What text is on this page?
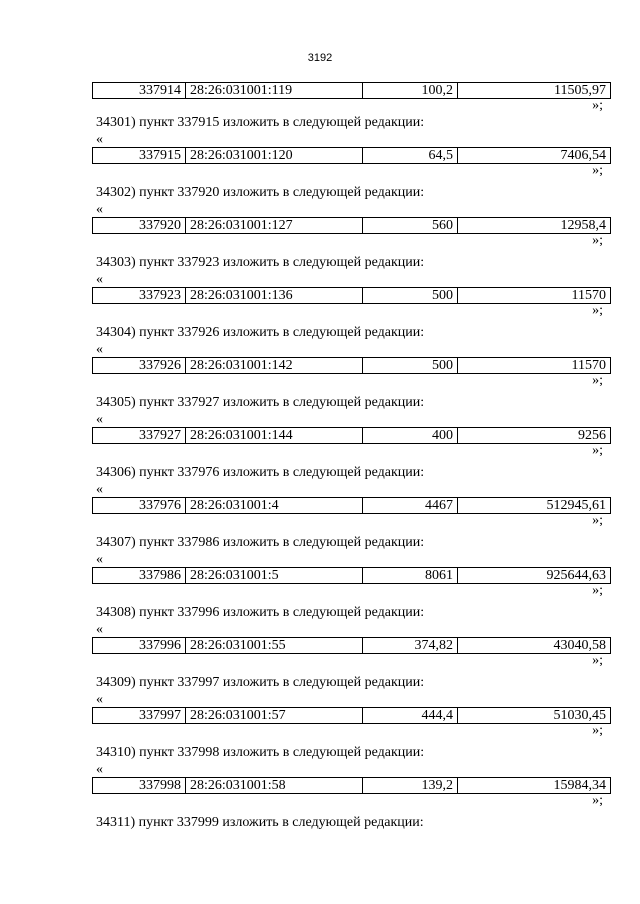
3192
337914	28:26:031001:119	100,2	11505,97
»;
34301) пункт 337915 изложить в следующей редакции:
«
337915	28:26:031001:120	64,5	7406,54
»;
34302) пункт 337920 изложить в следующей редакции:
«
337920	28:26:031001:127	560	12958,4
»;
34303) пункт 337923 изложить в следующей редакции:
«
337923	28:26:031001:136	500	11570
»;
34304) пункт 337926 изложить в следующей редакции:
«
337926	28:26:031001:142	500	11570
»;
34305) пункт 337927 изложить в следующей редакции:
«
337927	28:26:031001:144	400	9256
»;
34306) пункт 337976 изложить в следующей редакции:
«
337976	28:26:031001:4	4467	512945,61
»;
34307) пункт 337986 изложить в следующей редакции:
«
337986	28:26:031001:5	8061	925644,63
»;
34308) пункт 337996 изложить в следующей редакции:
«
337996	28:26:031001:55	374,82	43040,58
»;
34309) пункт 337997 изложить в следующей редакции:
«
337997	28:26:031001:57	444,4	51030,45
»;
34310) пункт 337998 изложить в следующей редакции:
«
337998	28:26:031001:58	139,2	15984,34
»;
34311) пункт 337999 изложить в следующей редакции:
